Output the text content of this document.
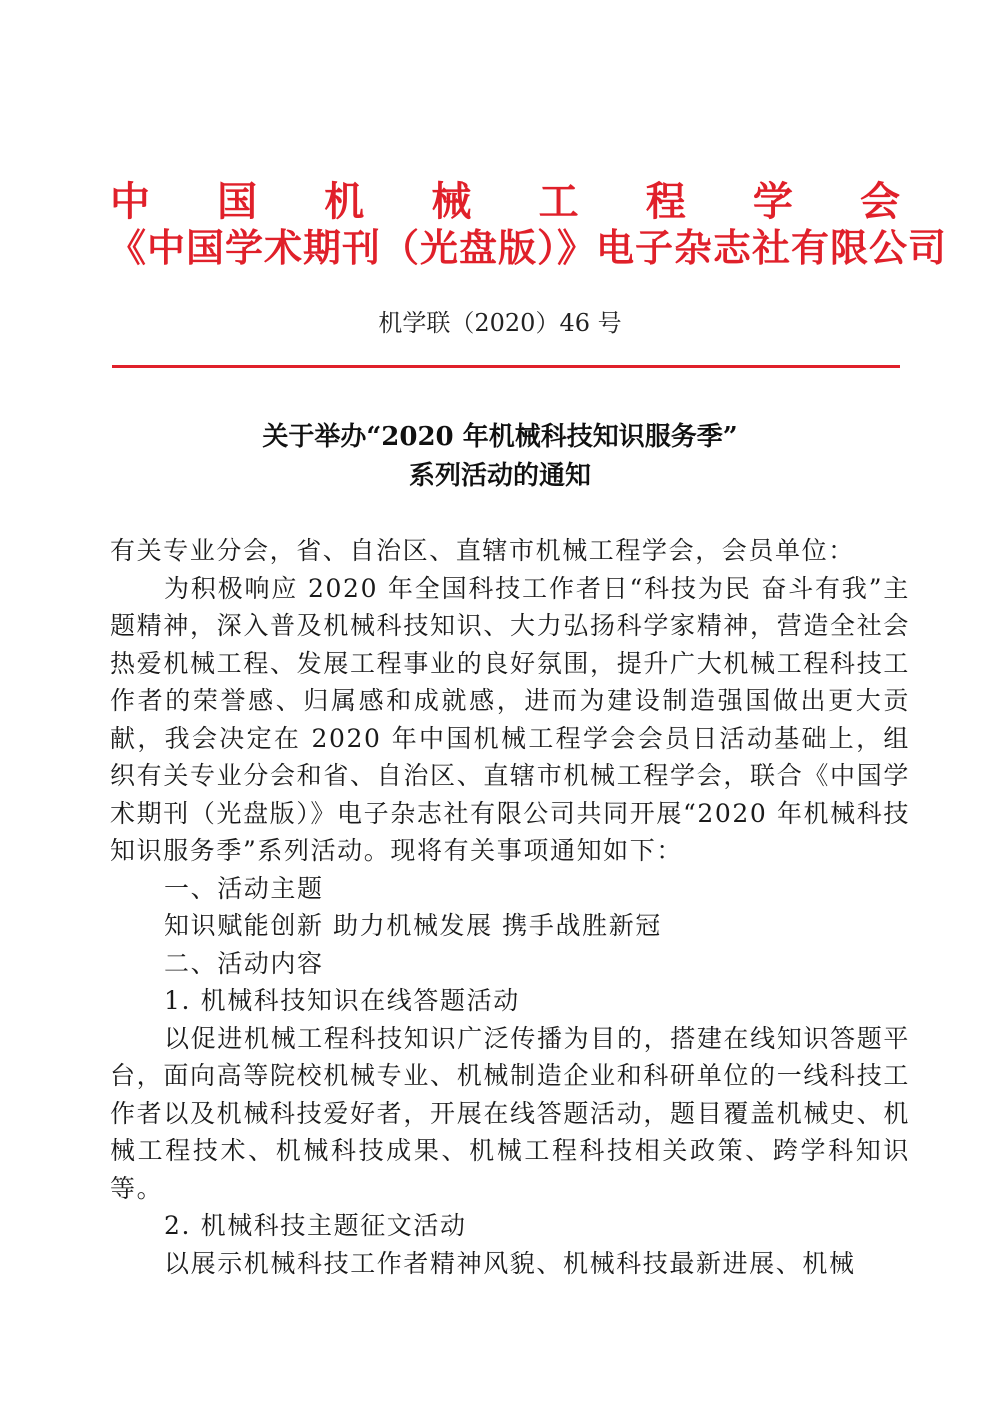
中 国 机 械 工 程 学 会
《中国学术期刊（光盘版）》电子杂志社有限公司
机学联（2020）46 号
关于举办“2020 年机械科技知识服务季”
系列活动的通知

有关专业分会，省、自治区、直辖市机械工程学会，会员单位：

为积极响应 2020 年全国科技工作者日“科技为民 奋斗有我”主题精神，深入普及机械科技知识、大力弘扬科学家精神，营造全社会热爱机械工程、发展工程事业的良好氛围，提升广大机械工程科技工作者的荣誉感、归属感和成就感，进而为建设制造强国做出更大贡献，我会决定在 2020 年中国机械工程学会会员日活动基础上，组织有关专业分会和省、自治区、直辖市机械工程学会，联合《中国学术期刊（光盘版）》电子杂志社有限公司共同开展“2020 年机械科技知识服务季”系列活动。现将有关事项通知如下：

一、活动主题

知识赋能创新 助力机械发展 携手战胜新冠

二、活动内容

1. 机械科技知识在线答题活动

以促进机械工程科技知识广泛传播为目的，搭建在线知识答题平台，面向高等院校机械专业、机械制造企业和科研单位的一线科技工作者以及机械科技爱好者，开展在线答题活动，题目覆盖机械史、机械工程技术、机械科技成果、机械工程科技相关政策、跨学科知识等。

2. 机械科技主题征文活动

以展示机械科技工作者精神风貌、机械科技最新进展、机械
